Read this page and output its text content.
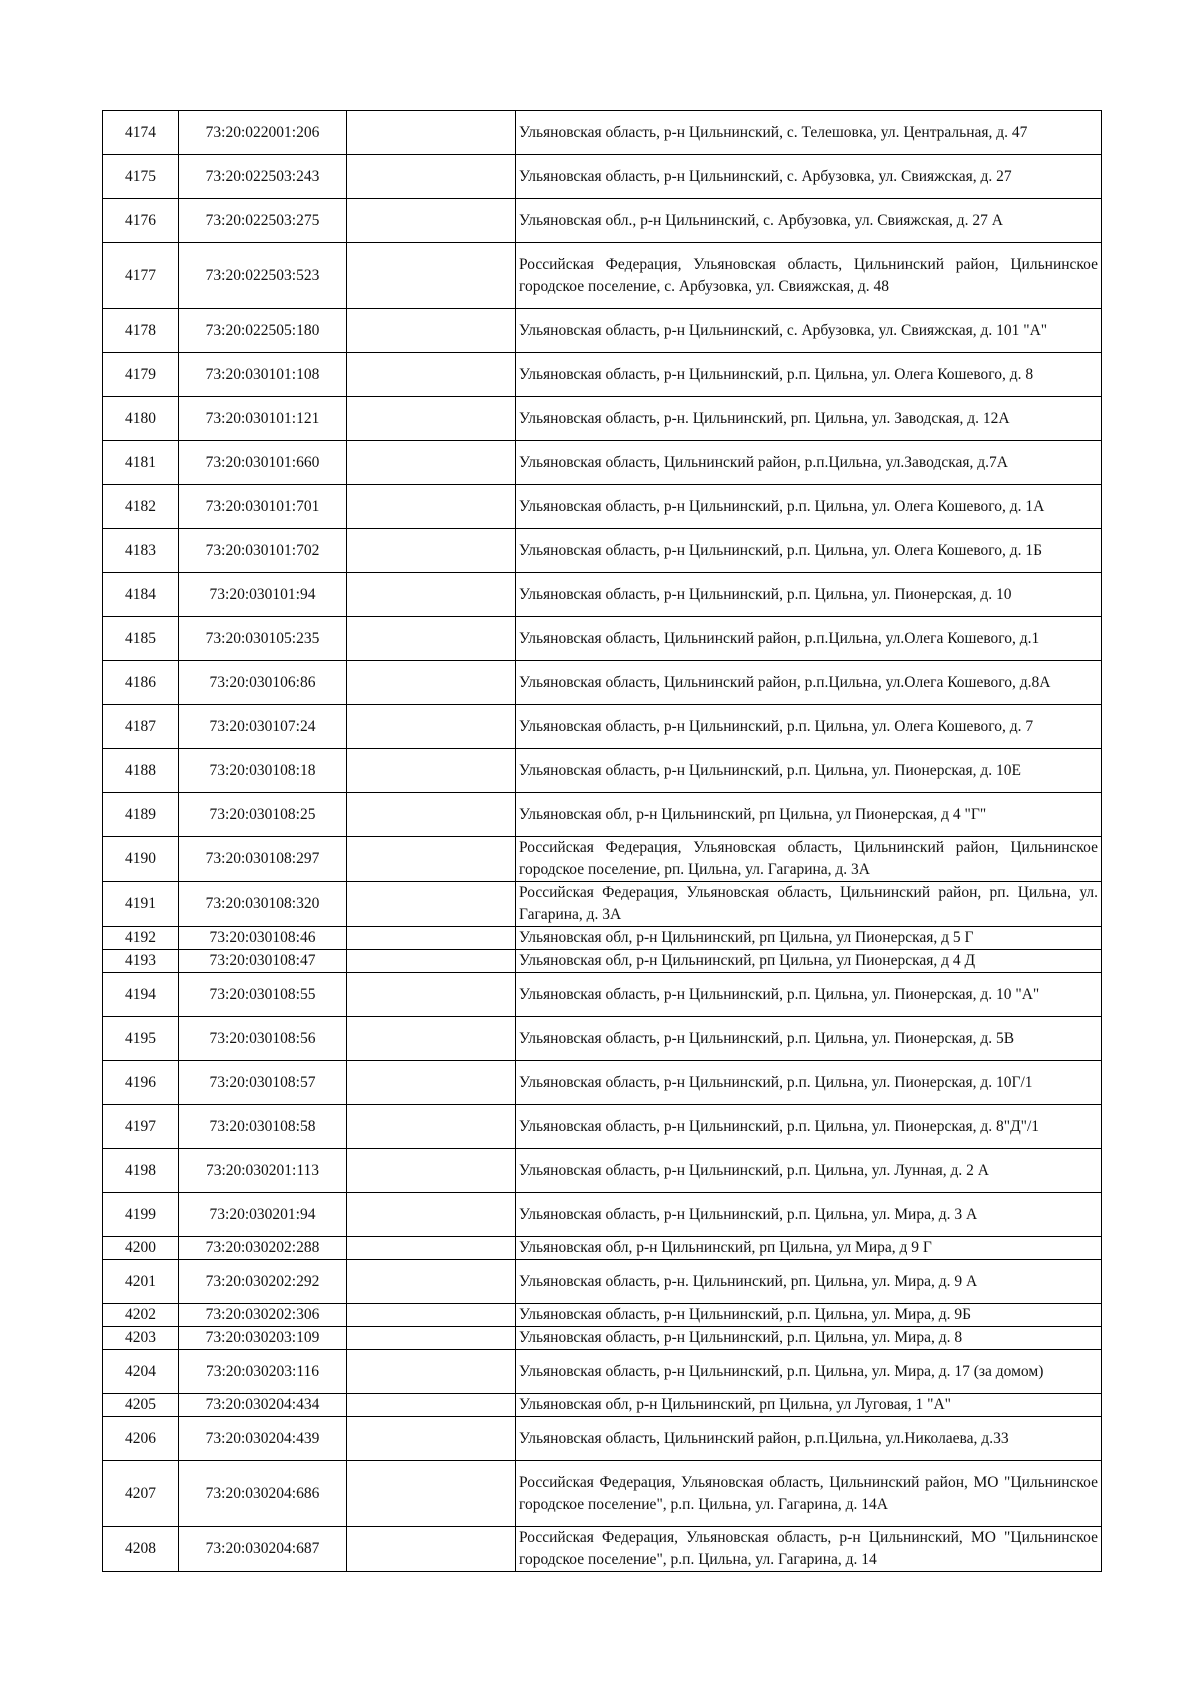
4174	73:20:022001:206		Ульяновская область, р-н Цильнинский, с. Телешовка, ул. Центральная, д. 47
4175	73:20:022503:243		Ульяновская область, р-н Цильнинский, с. Арбузовка, ул. Свияжская, д. 27
4176	73:20:022503:275		Ульяновская обл., р-н Цильнинский, с. Арбузовка, ул. Свияжская, д. 27 А
4177	73:20:022503:523		Российская Федерация, Ульяновская область, Цильнинский район, Цильнинское городское поселение, с. Арбузовка, ул. Свияжская, д. 48
4178	73:20:022505:180		Ульяновская область, р-н Цильнинский, с. Арбузовка, ул. Свияжская, д. 101 "А"
4179	73:20:030101:108		Ульяновская область, р-н Цильнинский, р.п. Цильна, ул. Олега Кошевого, д. 8
4180	73:20:030101:121		Ульяновская область, р-н. Цильнинский, рп. Цильна, ул. Заводская, д. 12А
4181	73:20:030101:660		Ульяновская область, Цильнинский район, р.п.Цильна, ул.Заводская, д.7А
4182	73:20:030101:701		Ульяновская область, р-н Цильнинский, р.п. Цильна, ул. Олега Кошевого, д. 1А
4183	73:20:030101:702		Ульяновская область, р-н Цильнинский, р.п. Цильна, ул. Олега Кошевого, д. 1Б
4184	73:20:030101:94		Ульяновская область, р-н Цильнинский, р.п. Цильна, ул. Пионерская, д. 10
4185	73:20:030105:235		Ульяновская область, Цильнинский район, р.п.Цильна, ул.Олега Кошевого, д.1
4186	73:20:030106:86		Ульяновская область, Цильнинский район, р.п.Цильна, ул.Олега Кошевого, д.8А
4187	73:20:030107:24		Ульяновская область, р-н Цильнинский, р.п. Цильна, ул. Олега Кошевого, д. 7
4188	73:20:030108:18		Ульяновская область, р-н Цильнинский, р.п. Цильна, ул. Пионерская, д. 10Е
4189	73:20:030108:25		Ульяновская обл, р-н Цильнинский, рп Цильна, ул Пионерская, д 4 "Г"
4190	73:20:030108:297		Российская Федерация, Ульяновская область, Цильнинский район, Цильнинское городское поселение, рп. Цильна, ул. Гагарина, д. 3А
4191	73:20:030108:320		Российская Федерация, Ульяновская область, Цильнинский район, рп. Цильна, ул. Гагарина, д. 3А
4192	73:20:030108:46		Ульяновская обл, р-н Цильнинский, рп Цильна, ул Пионерская, д 5 Г
4193	73:20:030108:47		Ульяновская обл, р-н Цильнинский, рп Цильна, ул Пионерская, д 4 Д
4194	73:20:030108:55		Ульяновская область, р-н Цильнинский, р.п. Цильна, ул. Пионерская, д. 10 "А"
4195	73:20:030108:56		Ульяновская область, р-н Цильнинский, р.п. Цильна, ул. Пионерская, д. 5В
4196	73:20:030108:57		Ульяновская область, р-н Цильнинский, р.п. Цильна, ул. Пионерская, д. 10Г/1
4197	73:20:030108:58		Ульяновская область, р-н Цильнинский, р.п. Цильна, ул. Пионерская, д. 8"Д"/1
4198	73:20:030201:113		Ульяновская область, р-н Цильнинский, р.п. Цильна, ул. Лунная, д. 2 А
4199	73:20:030201:94		Ульяновская область, р-н Цильнинский, р.п. Цильна, ул. Мира, д. 3 А
4200	73:20:030202:288		Ульяновская обл, р-н Цильнинский, рп Цильна, ул Мира, д 9 Г
4201	73:20:030202:292		Ульяновская область, р-н. Цильнинский, рп. Цильна, ул. Мира, д. 9 А
4202	73:20:030202:306		Ульяновская область, р-н Цильнинский, р.п. Цильна, ул. Мира, д. 9Б
4203	73:20:030203:109		Ульяновская область, р-н Цильнинский, р.п. Цильна, ул. Мира, д. 8
4204	73:20:030203:116		Ульяновская область, р-н Цильнинский, р.п. Цильна, ул. Мира, д. 17 (за домом)
4205	73:20:030204:434		Ульяновская обл, р-н Цильнинский, рп Цильна, ул Луговая, 1 "А"
4206	73:20:030204:439		Ульяновская область, Цильнинский район, р.п.Цильна, ул.Николаева, д.33
4207	73:20:030204:686		Российская Федерация, Ульяновская область, Цильнинский район, МО "Цильнинское городское поселение", р.п. Цильна, ул. Гагарина, д. 14А
4208	73:20:030204:687		Российская Федерация, Ульяновская область, р-н Цильнинский, МО "Цильнинское городское поселение", р.п. Цильна, ул. Гагарина, д. 14
